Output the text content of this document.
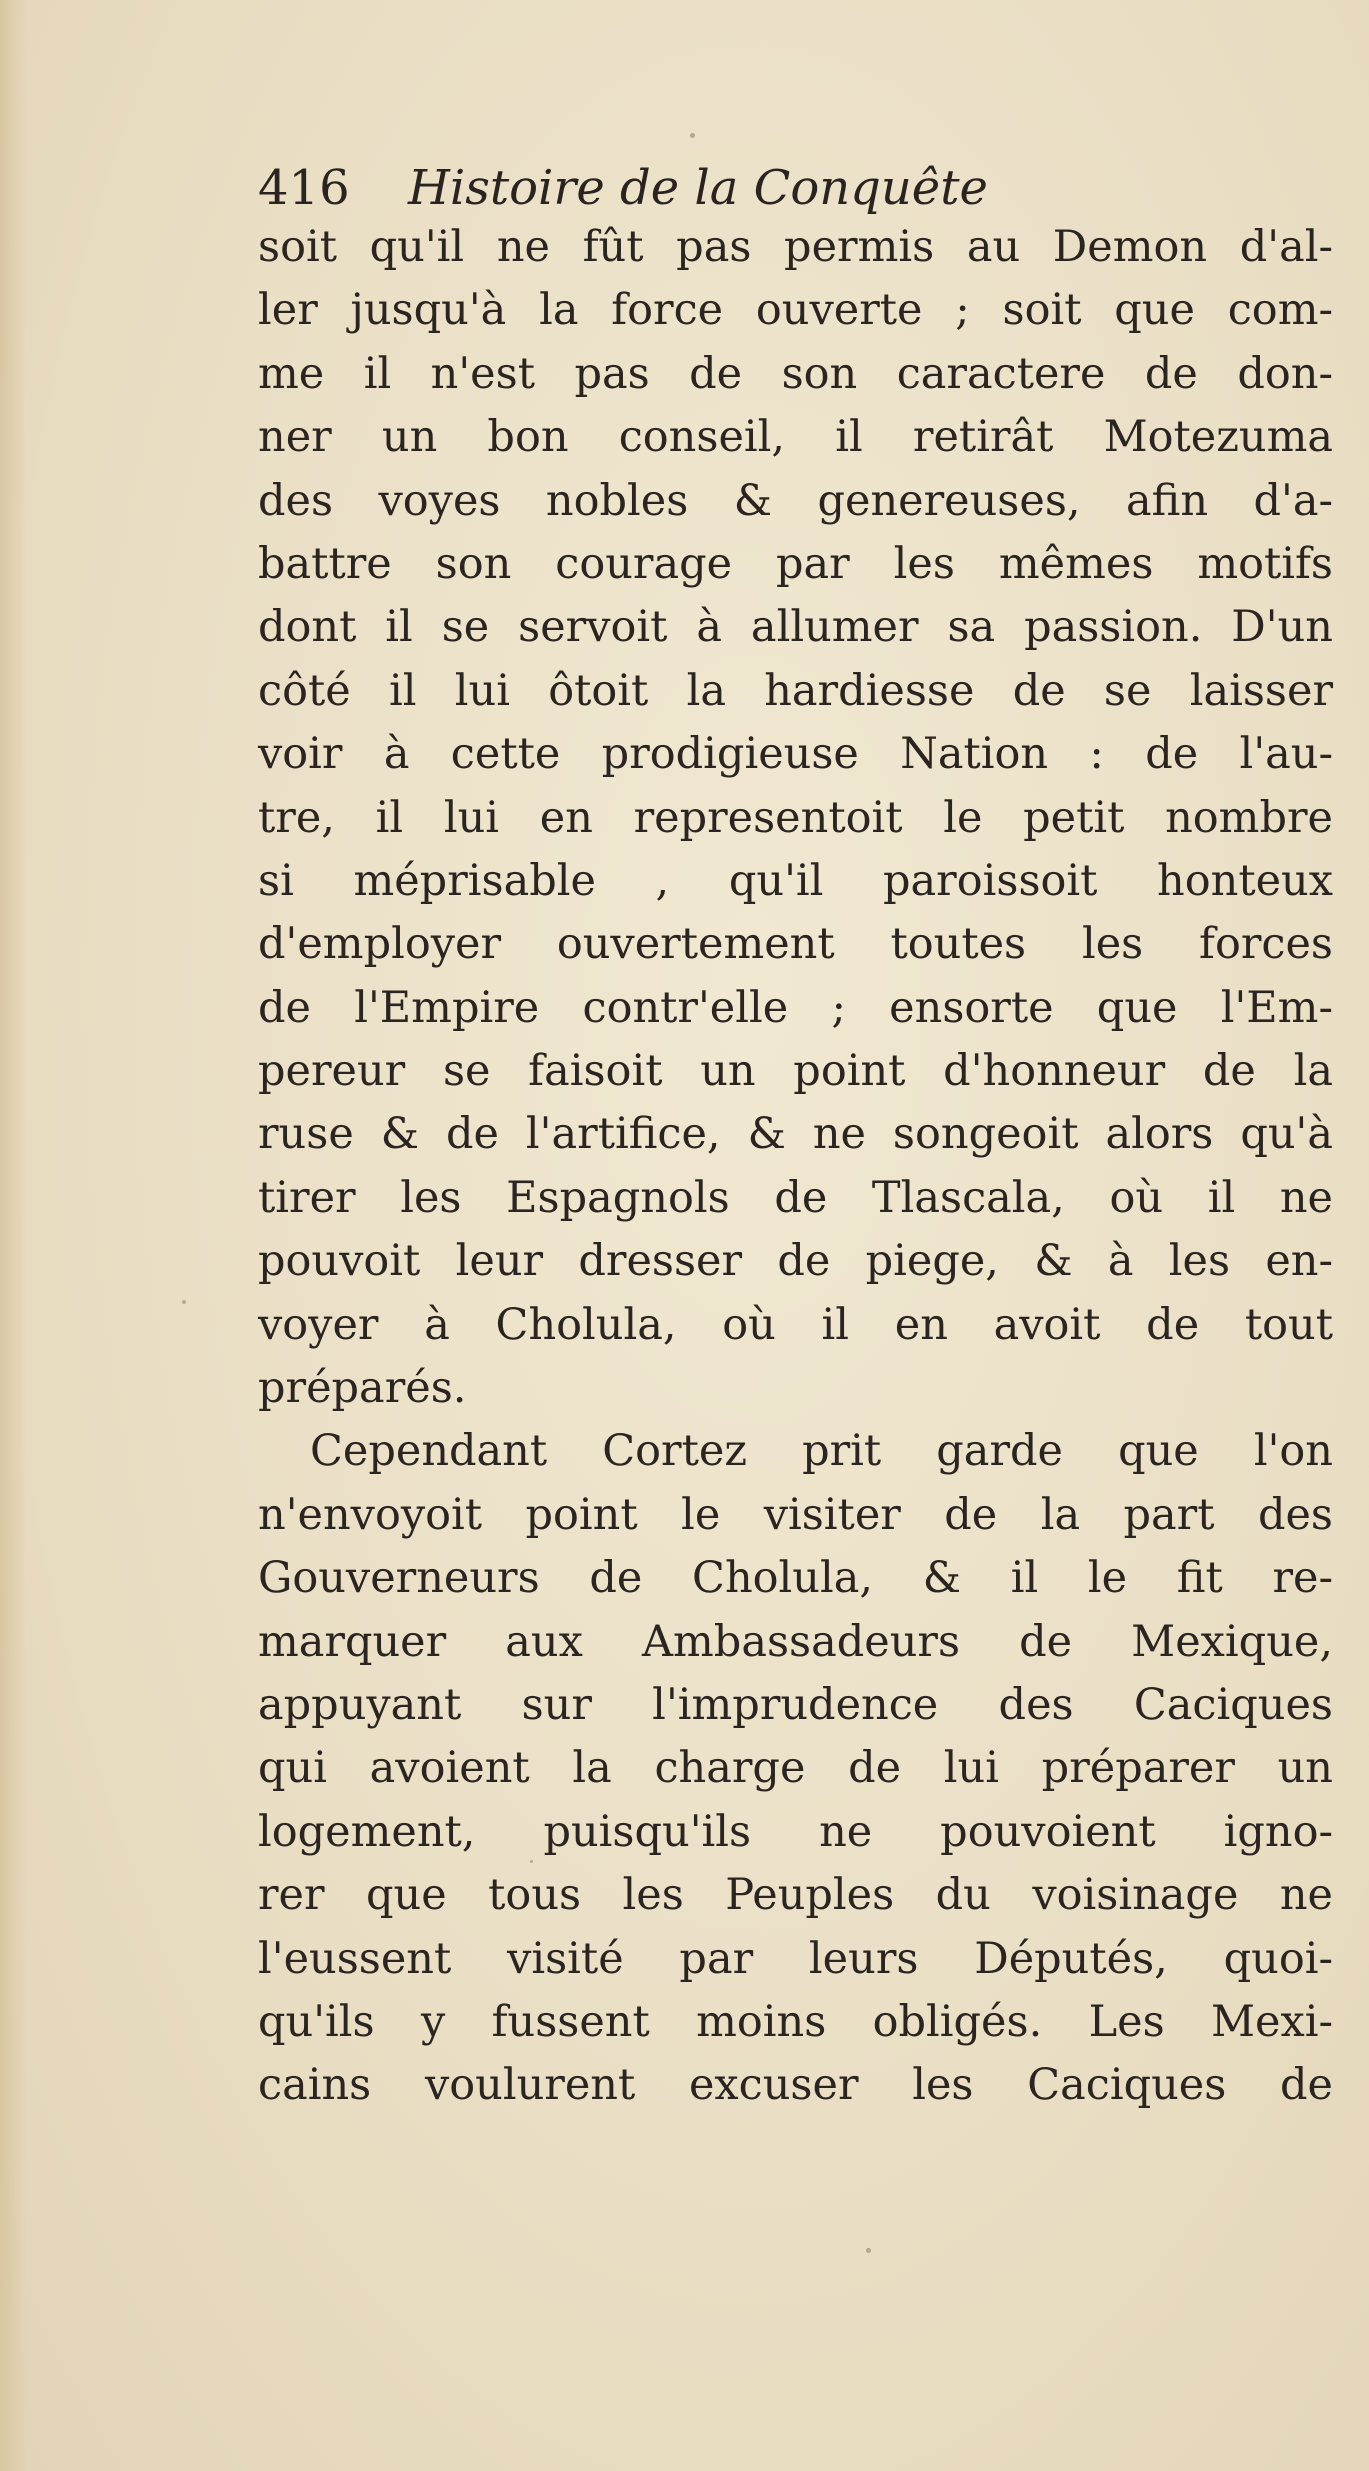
416 Histoire de la Conquête
soit qu'il ne fût pas permis au Demon d'al-
ler jusqu'à la force ouverte ; soit que com-
me il n'est pas de son caractere de don-
ner un bon conseil, il retirât Motezuma
des voyes nobles & genereuses, afin d'a-
battre son courage par les mêmes motifs
dont il se servoit à allumer sa passion. D'un
côté il lui ôtoit la hardiesse de se laisser
voir à cette prodigieuse Nation : de l'au-
tre, il lui en representoit le petit nombre
si méprisable , qu'il paroissoit honteux
d'employer ouvertement toutes les forces
de l'Empire contr'elle ; ensorte que l'Em-
pereur se faisoit un point d'honneur de la
ruse & de l'artifice, & ne songeoit alors qu'à
tirer les Espagnols de Tlascala, où il ne
pouvoit leur dresser de piege, & à les en-
voyer à Cholula, où il en avoit de tout
préparés.
Cependant Cortez prit garde que l'on
n'envoyoit point le visiter de la part des
Gouverneurs de Cholula, & il le fit re-
marquer aux Ambassadeurs de Mexique,
appuyant sur l'imprudence des Caciques
qui avoient la charge de lui préparer un
logement, puisqu'ils ne pouvoient igno-
rer que tous les Peuples du voisinage ne
l'eussent visité par leurs Députés, quoi-
qu'ils y fussent moins obligés. Les Mexi-
cains voulurent excuser les Caciques de
